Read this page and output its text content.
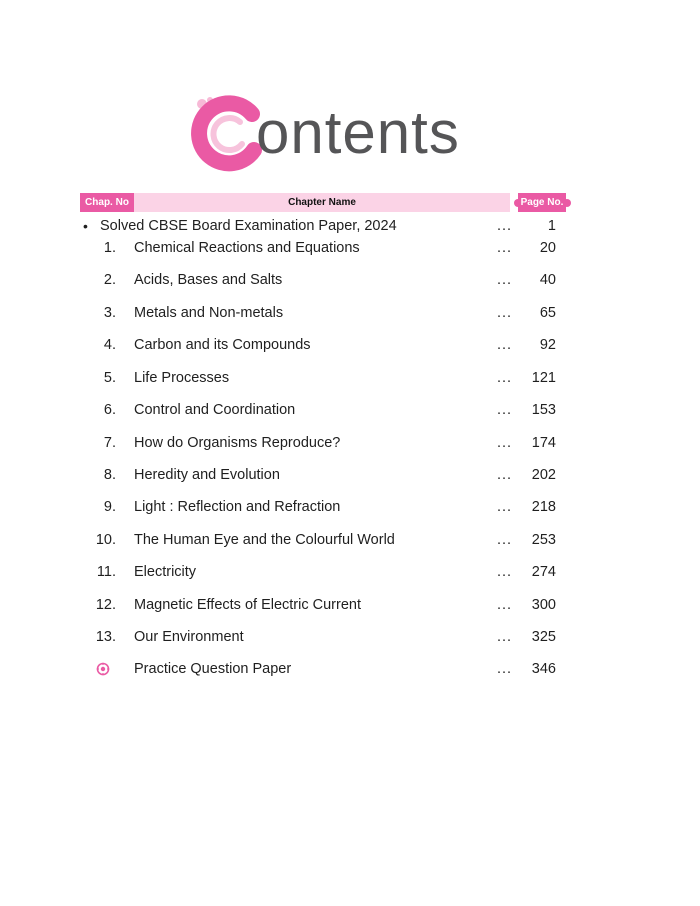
ontents
Chap. No	Chapter Name	Page No.
• Solved CBSE Board Examination Paper, 2024	... 1
1. Chemical Reactions and Equations	... 20
2. Acids, Bases and Salts	... 40
3. Metals and Non-metals	... 65
4. Carbon and its Compounds	... 92
5. Life Processes	... 121
6. Control and Coordination	... 153
7. How do Organisms Reproduce?	... 174
8. Heredity and Evolution	... 202
9. Light : Reflection and Refraction	... 218
10. The Human Eye and the Colourful World	... 253
11. Electricity	... 274
12. Magnetic Effects of Electric Current	... 300
13. Our Environment	... 325
Practice Question Paper	... 346
